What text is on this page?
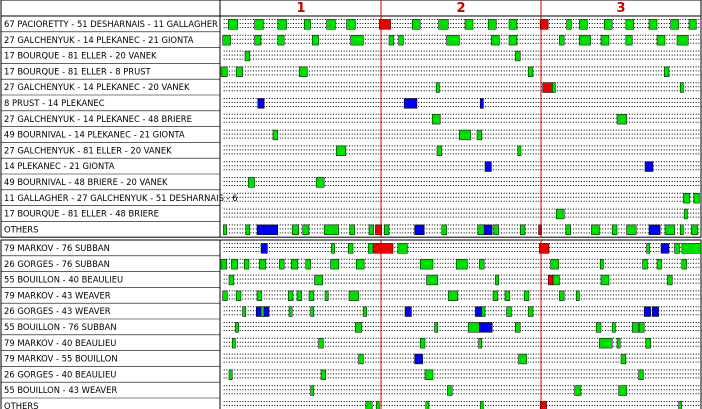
1	2	3
67 PACIORETTY - 51 DESHARNAIS - 11 GALLAGHER
27 GALCHENYUK - 14 PLEKANEC - 21 GIONTA
17 BOURQUE - 81 ELLER - 20 VANEK
17 BOURQUE - 81 ELLER - 8 PRUST
27 GALCHENYUK - 14 PLEKANEC - 20 VANEK
8 PRUST - 14 PLEKANEC
27 GALCHENYUK - 14 PLEKANEC - 48 BRIERE
49 BOURNIVAL - 14 PLEKANEC - 21 GIONTA
27 GALCHENYUK - 81 ELLER - 20 VANEK
14 PLEKANEC - 21 GIONTA
49 BOURNIVAL - 48 BRIERE - 20 VANEK
11 GALLAGHER - 27 GALCHENYUK - 51 DESHARNAIS - 6
17 BOURQUE - 81 ELLER - 48 BRIERE
OTHERS
79 MARKOV - 76 SUBBAN
26 GORGES - 76 SUBBAN
55 BOUILLON - 40 BEAULIEU
79 MARKOV - 43 WEAVER
26 GORGES - 43 WEAVER
55 BOUILLON - 76 SUBBAN
79 MARKOV - 40 BEAULIEU
79 MARKOV - 55 BOUILLON
26 GORGES - 40 BEAULIEU
55 BOUILLON - 43 WEAVER
OTHERS
